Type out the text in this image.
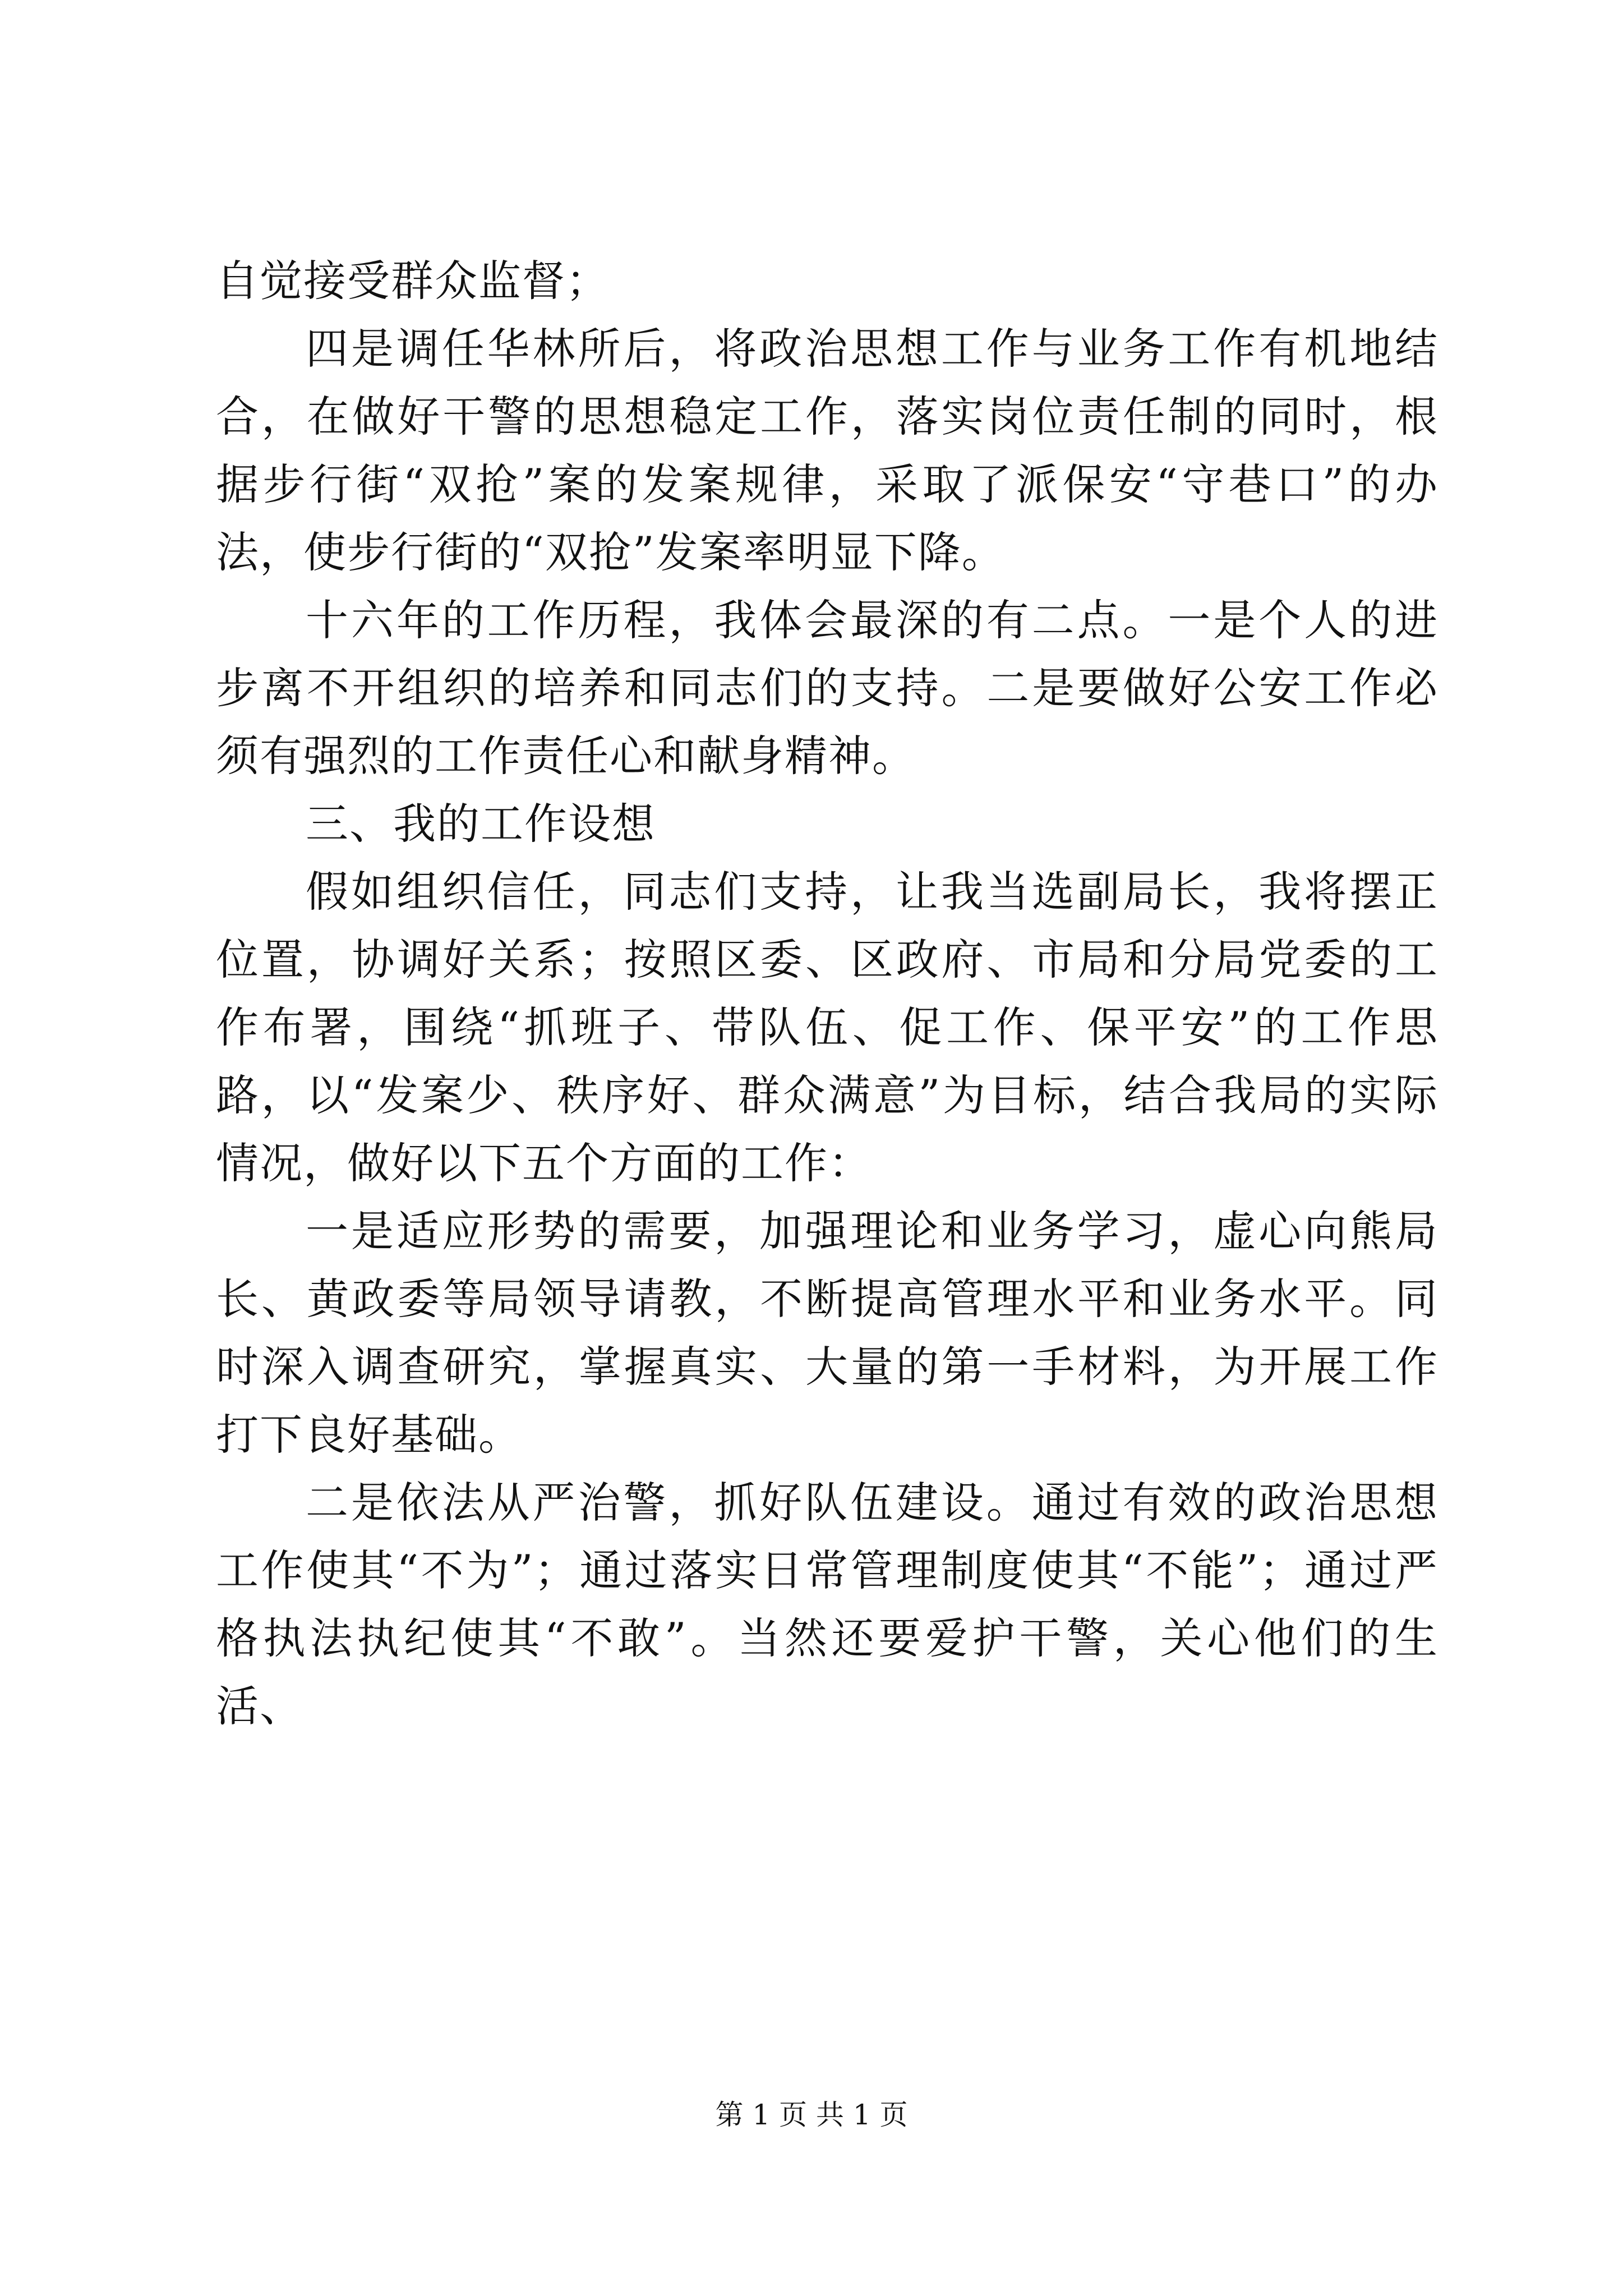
自觉接受群众监督；

四是调任华林所后，将政治思想工作与业务工作有机地结合，在做好干警的思想稳定工作，落实岗位责任制的同时，根据步行街“双抢”案的发案规律，采取了派保安“守巷口”的办法，使步行街的“双抢”发案率明显下降。

十六年的工作历程，我体会最深的有二点。一是个人的进步离不开组织的培养和同志们的支持。二是要做好公安工作必须有强烈的工作责任心和献身精神。

三、我的工作设想

假如组织信任，同志们支持，让我当选副局长，我将摆正位置，协调好关系；按照区委、区政府、市局和分局党委的工作布署，围绕“抓班子、带队伍、促工作、保平安”的工作思路，以“发案少、秩序好、群众满意”为目标，结合我局的实际情况，做好以下五个方面的工作：

一是适应形势的需要，加强理论和业务学习，虚心向熊局长、黄政委等局领导请教，不断提高管理水平和业务水平。同时深入调查研究，掌握真实、大量的第一手材料，为开展工作打下良好基础。

二是依法从严治警，抓好队伍建设。通过有效的政治思想工作使其“不为”；通过落实日常管理制度使其“不能”；通过严格执法执纪使其“不敢”。当然还要爱护干警，关心他们的生活、

第 1 页 共 1 页
